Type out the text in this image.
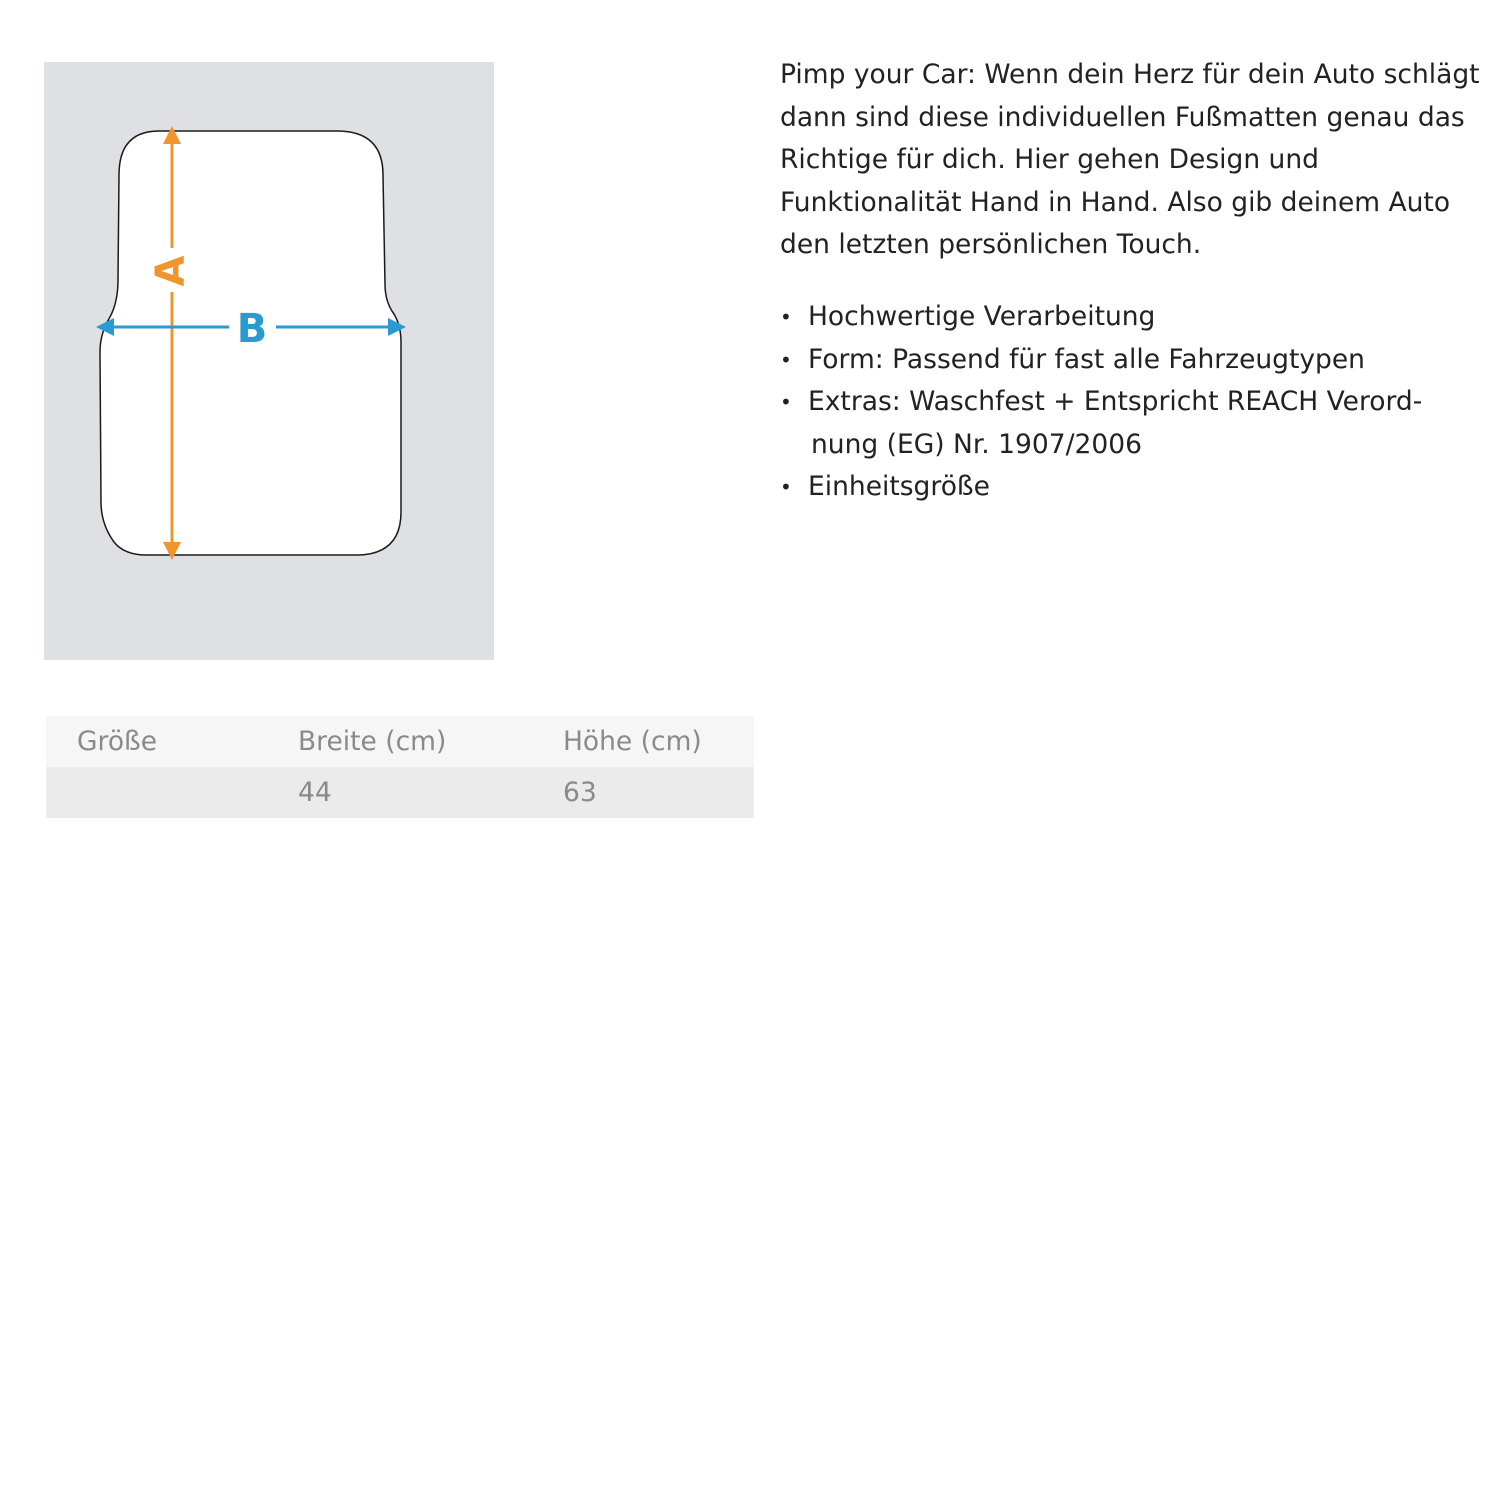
A
B

Pimp your Car: Wenn dein Herz für dein Auto schlägt dann sind diese individuellen Fußmatten genau das Richtige für dich. Hier gehen Design und Funktionalität Hand in Hand. Also gib deinem Auto den letzten persönlichen Touch.

• Hochwertige Verarbeitung
• Form: Passend für fast alle Fahrzeugtypen
• Extras: Waschfest + Entspricht REACH Verord-
nung (EG) Nr. 1907/2006
• Einheitsgröße
Größe	Breite (cm)	Höhe (cm)
	44	63
